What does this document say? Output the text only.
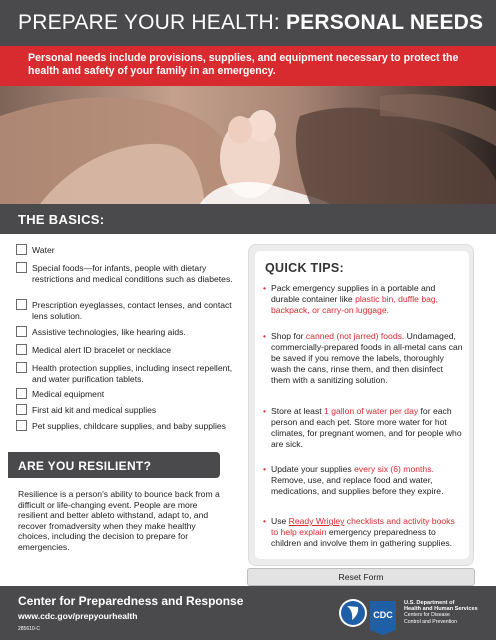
PREPARE YOUR HEALTH: PERSONAL NEEDS
Personal needs include provisions, supplies, and equipment necessary to protect the health and safety of your family in an emergency.
THE BASICS:
Water
Special foods—for infants, people with dietary restrictions and medical conditions such as diabetes.
Prescription eyeglasses, contact lenses, and contact lens solution.
Assistive technologies, like hearing aids.
Medical alert ID bracelet or necklace
Health protection supplies, including insect repellent, and water purification tablets.
Medical equipment
First aid kit and medical supplies
Pet supplies, childcare supplies, and baby supplies
ARE YOU RESILIENT?
Resilience is a person's ability to bounce back from a difficult or life-changing event. People are more resilient and better ableto withstand, adapt to, and recover fromadversity when they make healthy choices, including the decision to prepare for emergencies.
QUICK TIPS:
• Pack emergency supplies in a portable and durable container like plastic bin, duffle bag, backpack, or carry-on luggage.
• Shop for canned (not jarred) foods. Undamaged, commercially-prepared foods in all-metal cans can be saved if you remove the labels, thoroughly wash the cans, rinse them, and then disinfect them with a sanitizing solution.
• Store at least 1 gallon of water per day for each person and each pet. Store more water for hot climates, for pregnant women, and for people who are sick.
• Update your supplies every six (6) months. Remove, use, and replace food and water, medications, and supplies before they expire.
• Use Ready Wrigley checklists and activity books to help explain emergency preparedness to children and involve them in gathering supplies.
Reset Form
Center for Preparedness and Response
www.cdc.gov/prepyourhealth
285610-C
CDC
U.S. Department of
Health and Human Services
Centers for Disease
Control and Prevention
